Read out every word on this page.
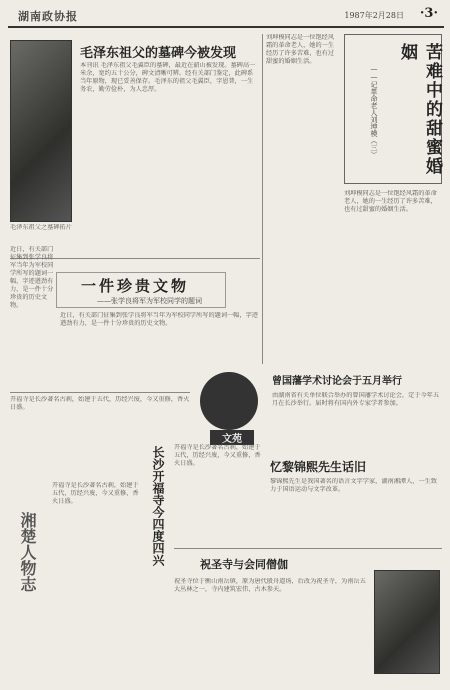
湖南政协报	1987年2月28日 ·3·
毛泽东祖父之墓碑拓片
毛泽东祖父的墓碑今被发现
本刊讯 毛泽东祖父毛翼臣的墓碑，最近在韶山被发现。墓碑高一米余，宽约五十公分，碑文清晰可辨。经有关部门鉴定，此碑系当年原物，现已妥善保存。毛泽东的祖父毛翼臣，字恩普，一生务农，勤劳俭朴，为人忠厚。
刘坤模同志是一位饱经风霜的革命老人，她的一生经历了许多苦难，也有过甜蜜的婚姻生活。	苦难中的甜蜜婚姻
——记革命老人刘坤模（三）
刘坤模同志是一位饱经风霜的革命老人，她的一生经历了许多苦难，也有过甜蜜的婚姻生活。
一件珍贵文物
——张学良将军为军校同学的题词
近日，有关部门征集到张学良将军当年为军校同学所写的题词一幅，字迹遒劲有力，是一件十分珍贵的历史文物。
近日，有关部门征集到张学良将军当年为军校同学所写的题词一幅，字迹遒劲有力，是一件十分珍贵的历史文物。
文苑
开福寺是长沙著名古刹，始建于五代，历经兴废，今又重修，香火日盛。
湘楚人物志
开福寺是长沙著名古刹，始建于五代，历经兴废，今又重修，香火日盛。	长沙开福寺今四度四兴	开福寺是长沙著名古刹，始建于五代，历经兴废，今又重修，香火日盛。
曾国藩学术讨论会于五月举行
由湖南省有关单位联合举办的曾国藩学术讨论会，定于今年五月在长沙举行。届时将有国内外专家学者参加。
忆黎锦熙先生话旧
黎锦熙先生是我国著名的语言文字学家，湖南湘潭人，一生致力于国语运动与文字改革。
祝圣寺与会同僧伽
祝圣寺位于衡山南岳镇，原为唐代般舟道场，后改为祝圣寺，为南岳五大丛林之一，寺内建筑宏伟，古木参天。
